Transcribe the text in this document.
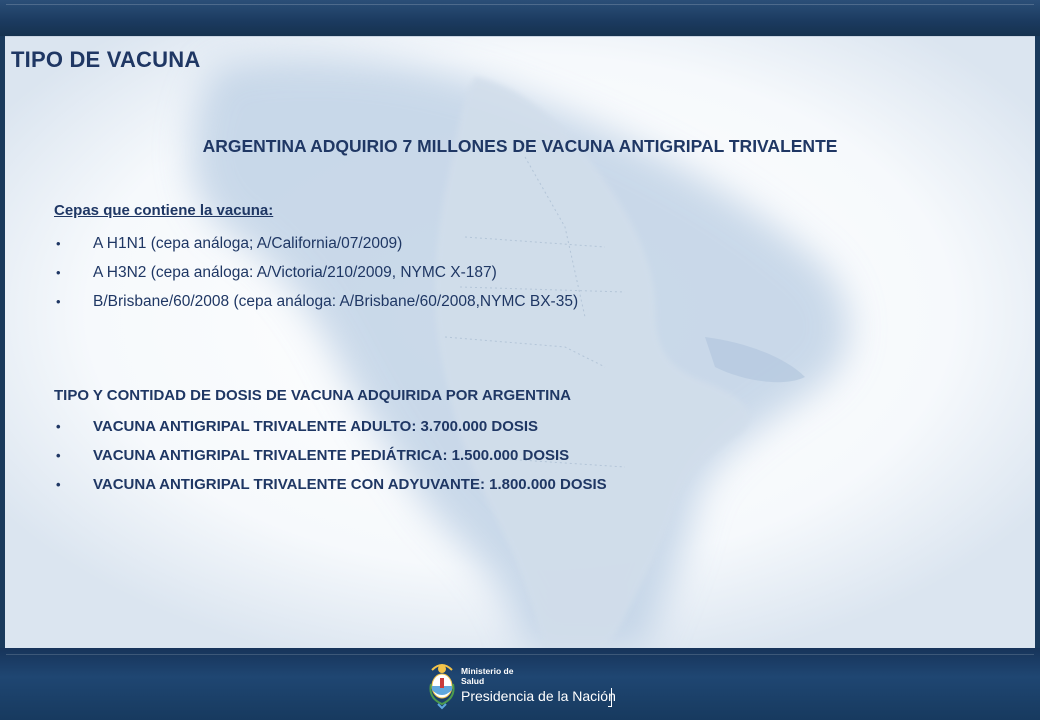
TIPO DE VACUNA
ARGENTINA ADQUIRIO 7 MILLONES DE VACUNA ANTIGRIPAL TRIVALENTE
Cepas que contiene la vacuna:
• A H1N1 (cepa análoga; A/California/07/2009)
• A H3N2 (cepa análoga: A/Victoria/210/2009, NYMC X-187)
• B/Brisbane/60/2008 (cepa análoga: A/Brisbane/60/2008,NYMC BX-35)
TIPO Y CONTIDAD DE DOSIS DE VACUNA ADQUIRIDA POR ARGENTINA
• VACUNA ANTIGRIPAL TRIVALENTE ADULTO: 3.700.000 DOSIS
• VACUNA ANTIGRIPAL TRIVALENTE PEDIÁTRICA: 1.500.000 DOSIS
• VACUNA ANTIGRIPAL TRIVALENTE CON ADYUVANTE: 1.800.000 DOSIS
Ministerio de
Salud
Presidencia de la Nación
